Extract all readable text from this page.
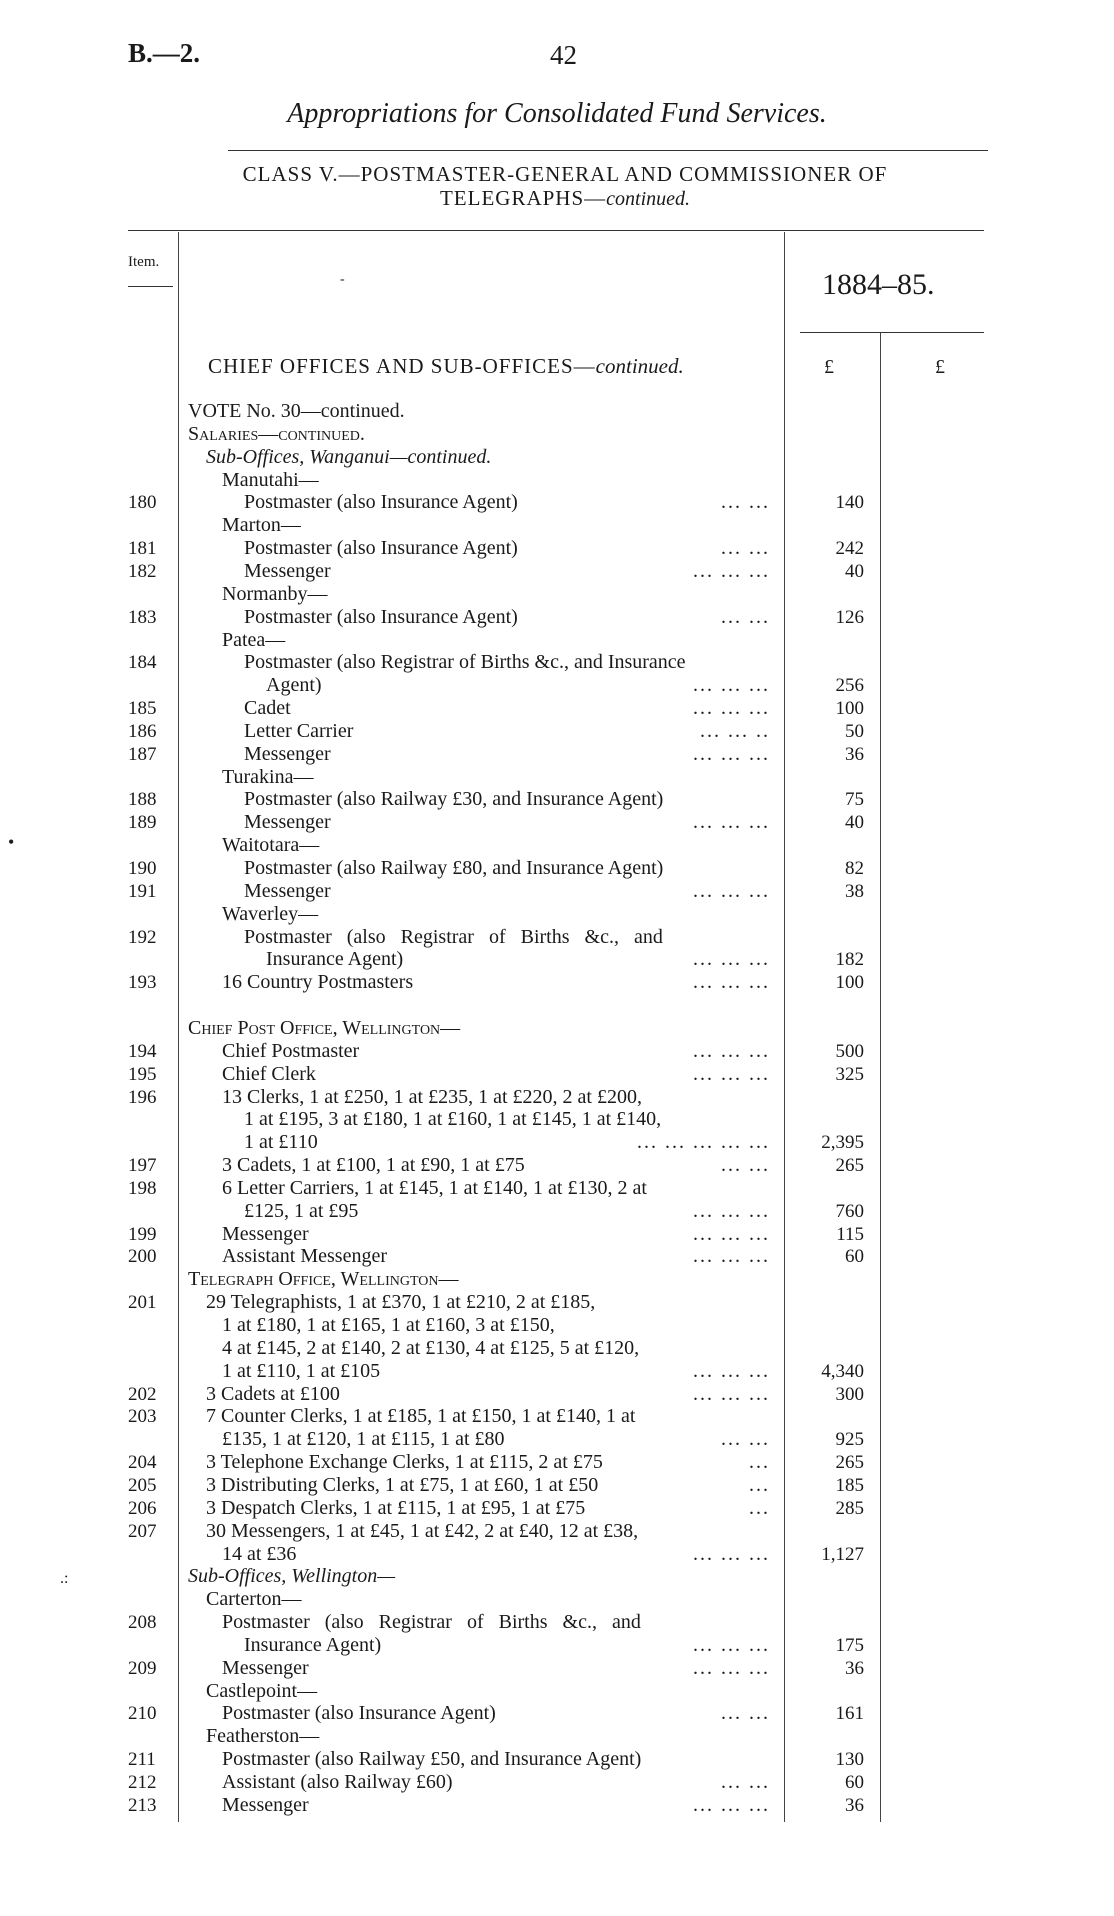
B.—2.	42
Appropriations for Consolidated Fund Services.
CLASS V.—POSTMASTER-GENERAL AND COMMISSIONER OF
TELEGRAPHS—continued.
Item.
-	1884–85.
CHIEF OFFICES AND SUB-OFFICES—continued.	£	£
•
.:
VOTE No. 30—continued.
Salaries—continued.
Sub-Offices, Wanganui—continued.
Manutahi—
180	Postmaster (also Insurance Agent)	... ...	140
Marton—
181	Postmaster (also Insurance Agent)	... ...	242
182	Messenger	... ... ...	40
Normanby—
183	Postmaster (also Insurance Agent)	... ...	126
Patea—
184	Postmaster (also Registrar of Births &c., and Insurance
Agent)	... ... ...	256
185	Cadet	... ... ...	100
186	Letter Carrier	... ... ..	50
187	Messenger	... ... ...	36
Turakina—
188	Postmaster (also Railway £30, and Insurance Agent)	75
189	Messenger	... ... ...	40
Waitotara—
190	Postmaster (also Railway £80, and Insurance Agent)	82
191	Messenger	... ... ...	38
Waverley—
192	Postmaster (also Registrar of Births &c., and
Insurance Agent)	... ... ...	182
193	16 Country Postmasters	... ... ...	100
Chief Post Office, Wellington—
194	Chief Postmaster	... ... ...	500
195	Chief Clerk	... ... ...	325
196	13 Clerks, 1 at £250, 1 at £235, 1 at £220, 2 at £200,
1 at £195, 3 at £180, 1 at £160, 1 at £145, 1 at £140,
1 at £110	... ... ... ... ...	2,395
197	3 Cadets, 1 at £100, 1 at £90, 1 at £75	... ...	265
198	6 Letter Carriers, 1 at £145, 1 at £140, 1 at £130, 2 at
£125, 1 at £95	... ... ...	760
199	Messenger	... ... ...	115
200	Assistant Messenger	... ... ...	60
Telegraph Office, Wellington—
201 29 Telegraphists, 1 at £370, 1 at £210, 2 at £185,
1 at £180, 1 at £165, 1 at £160, 3 at £150,
4 at £145, 2 at £140, 2 at £130, 4 at £125, 5 at £120,
1 at £110, 1 at £105	... ... ...	4,340
202 3 Cadets at £100	... ... ...	300
203 7 Counter Clerks, 1 at £185, 1 at £150, 1 at £140, 1 at
£135, 1 at £120, 1 at £115, 1 at £80	... ...	925
204 3 Telephone Exchange Clerks, 1 at £115, 2 at £75	...	265
205 3 Distributing Clerks, 1 at £75, 1 at £60, 1 at £50	...	185
206 3 Despatch Clerks, 1 at £115, 1 at £95, 1 at £75	...	285
207 30 Messengers, 1 at £45, 1 at £42, 2 at £40, 12 at £38,
14 at £36	... ... ...	1,127
Sub-Offices, Wellington—
Carterton—
208	Postmaster (also Registrar of Births &c., and
Insurance Agent)	... ... ...	175
209	Messenger	... ... ...	36
Castlepoint—
210	Postmaster (also Insurance Agent)	... ...	161
Featherston—
211	Postmaster (also Railway £50, and Insurance Agent)	130
212	Assistant (also Railway £60)	... ...	60
213	Messenger	... ... ...	36
